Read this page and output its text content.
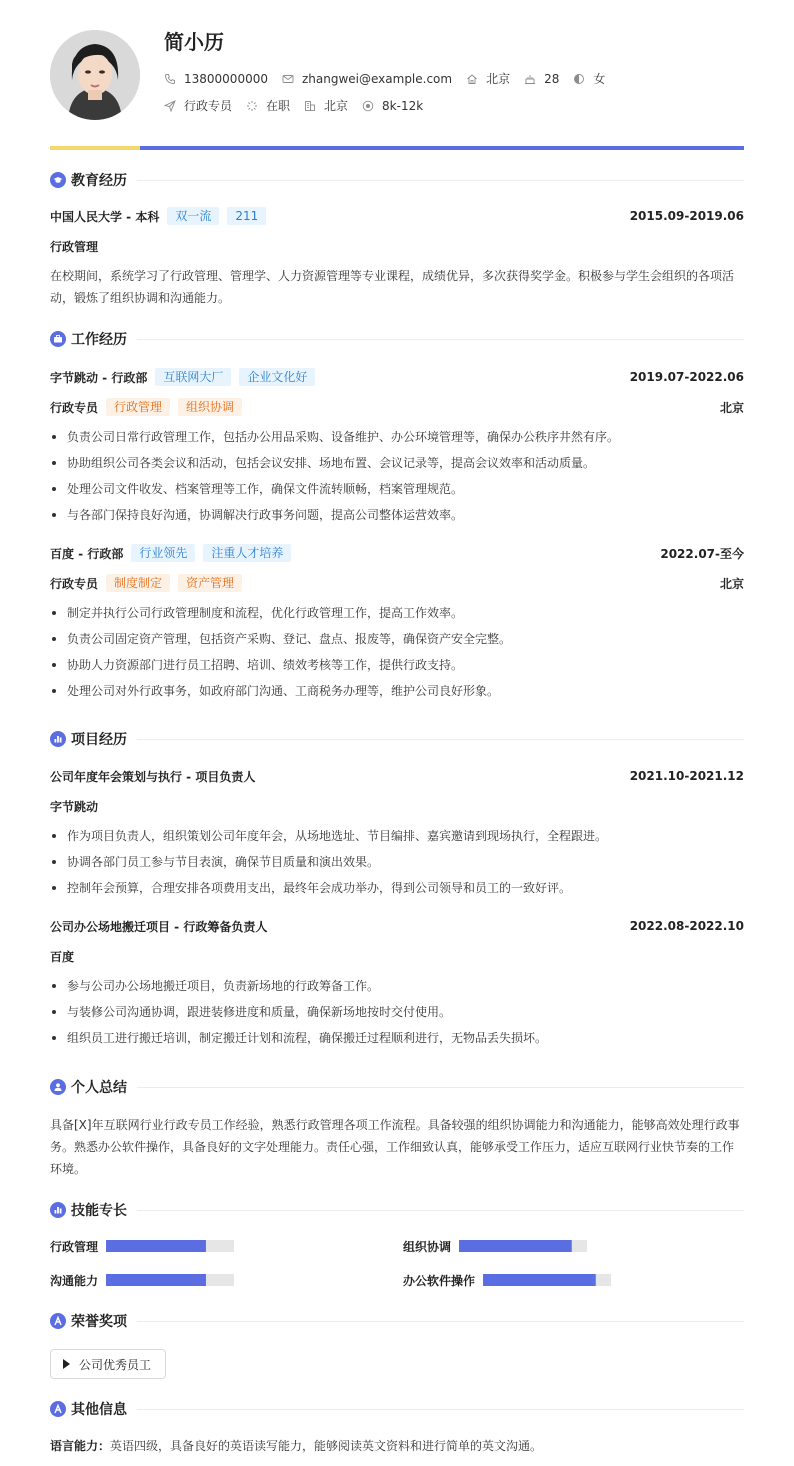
简小历
13800000000	zhangwei@example.com	北京	28	女
行政专员	在职	北京	8k-12k
教育经历
中国人民大学 - 本科	双一流	211	2015.09-2019.06
行政管理
在校期间，系统学习了行政管理、管理学、人力资源管理等专业课程，成绩优异，多次获得奖学金。积极参与学生会组织的各项活动，锻炼了组织协调和沟通能力。
工作经历
字节跳动 - 行政部	互联网大厂	企业文化好	2019.07-2022.06
行政专员	行政管理	组织协调	北京
负责公司日常行政管理工作，包括办公用品采购、设备维护、办公环境管理等，确保办公秩序井然有序。
协助组织公司各类会议和活动，包括会议安排、场地布置、会议记录等，提高会议效率和活动质量。
处理公司文件收发、档案管理等工作，确保文件流转顺畅，档案管理规范。
与各部门保持良好沟通，协调解决行政事务问题，提高公司整体运营效率。
百度 - 行政部	行业领先	注重人才培养	2022.07-至今
行政专员	制度制定	资产管理	北京
制定并执行公司行政管理制度和流程，优化行政管理工作，提高工作效率。
负责公司固定资产管理，包括资产采购、登记、盘点、报废等，确保资产安全完整。
协助人力资源部门进行员工招聘、培训、绩效考核等工作，提供行政支持。
处理公司对外行政事务，如政府部门沟通、工商税务办理等，维护公司良好形象。
项目经历
公司年度年会策划与执行 - 项目负责人	2021.10-2021.12
字节跳动
作为项目负责人，组织策划公司年度年会，从场地选址、节目编排、嘉宾邀请到现场执行，全程跟进。
协调各部门员工参与节目表演，确保节目质量和演出效果。
控制年会预算，合理安排各项费用支出，最终年会成功举办，得到公司领导和员工的一致好评。
公司办公场地搬迁项目 - 行政筹备负责人	2022.08-2022.10
百度
参与公司办公场地搬迁项目，负责新场地的行政筹备工作。
与装修公司沟通协调，跟进装修进度和质量，确保新场地按时交付使用。
组织员工进行搬迁培训，制定搬迁计划和流程，确保搬迁过程顺利进行，无物品丢失损坏。
个人总结
具备[X]年互联网行业行政专员工作经验，熟悉行政管理各项工作流程。具备较强的组织协调能力和沟通能力，能够高效处理行政事务。熟悉办公软件操作，具备良好的文字处理能力。责任心强，工作细致认真，能够承受工作压力，适应互联网行业快节奏的工作环境。
技能专长
行政管理	组织协调
沟通能力	办公软件操作
荣誉奖项
公司优秀员工
其他信息
语言能力：英语四级，具备良好的英语读写能力，能够阅读英文资料和进行简单的英文沟通。
